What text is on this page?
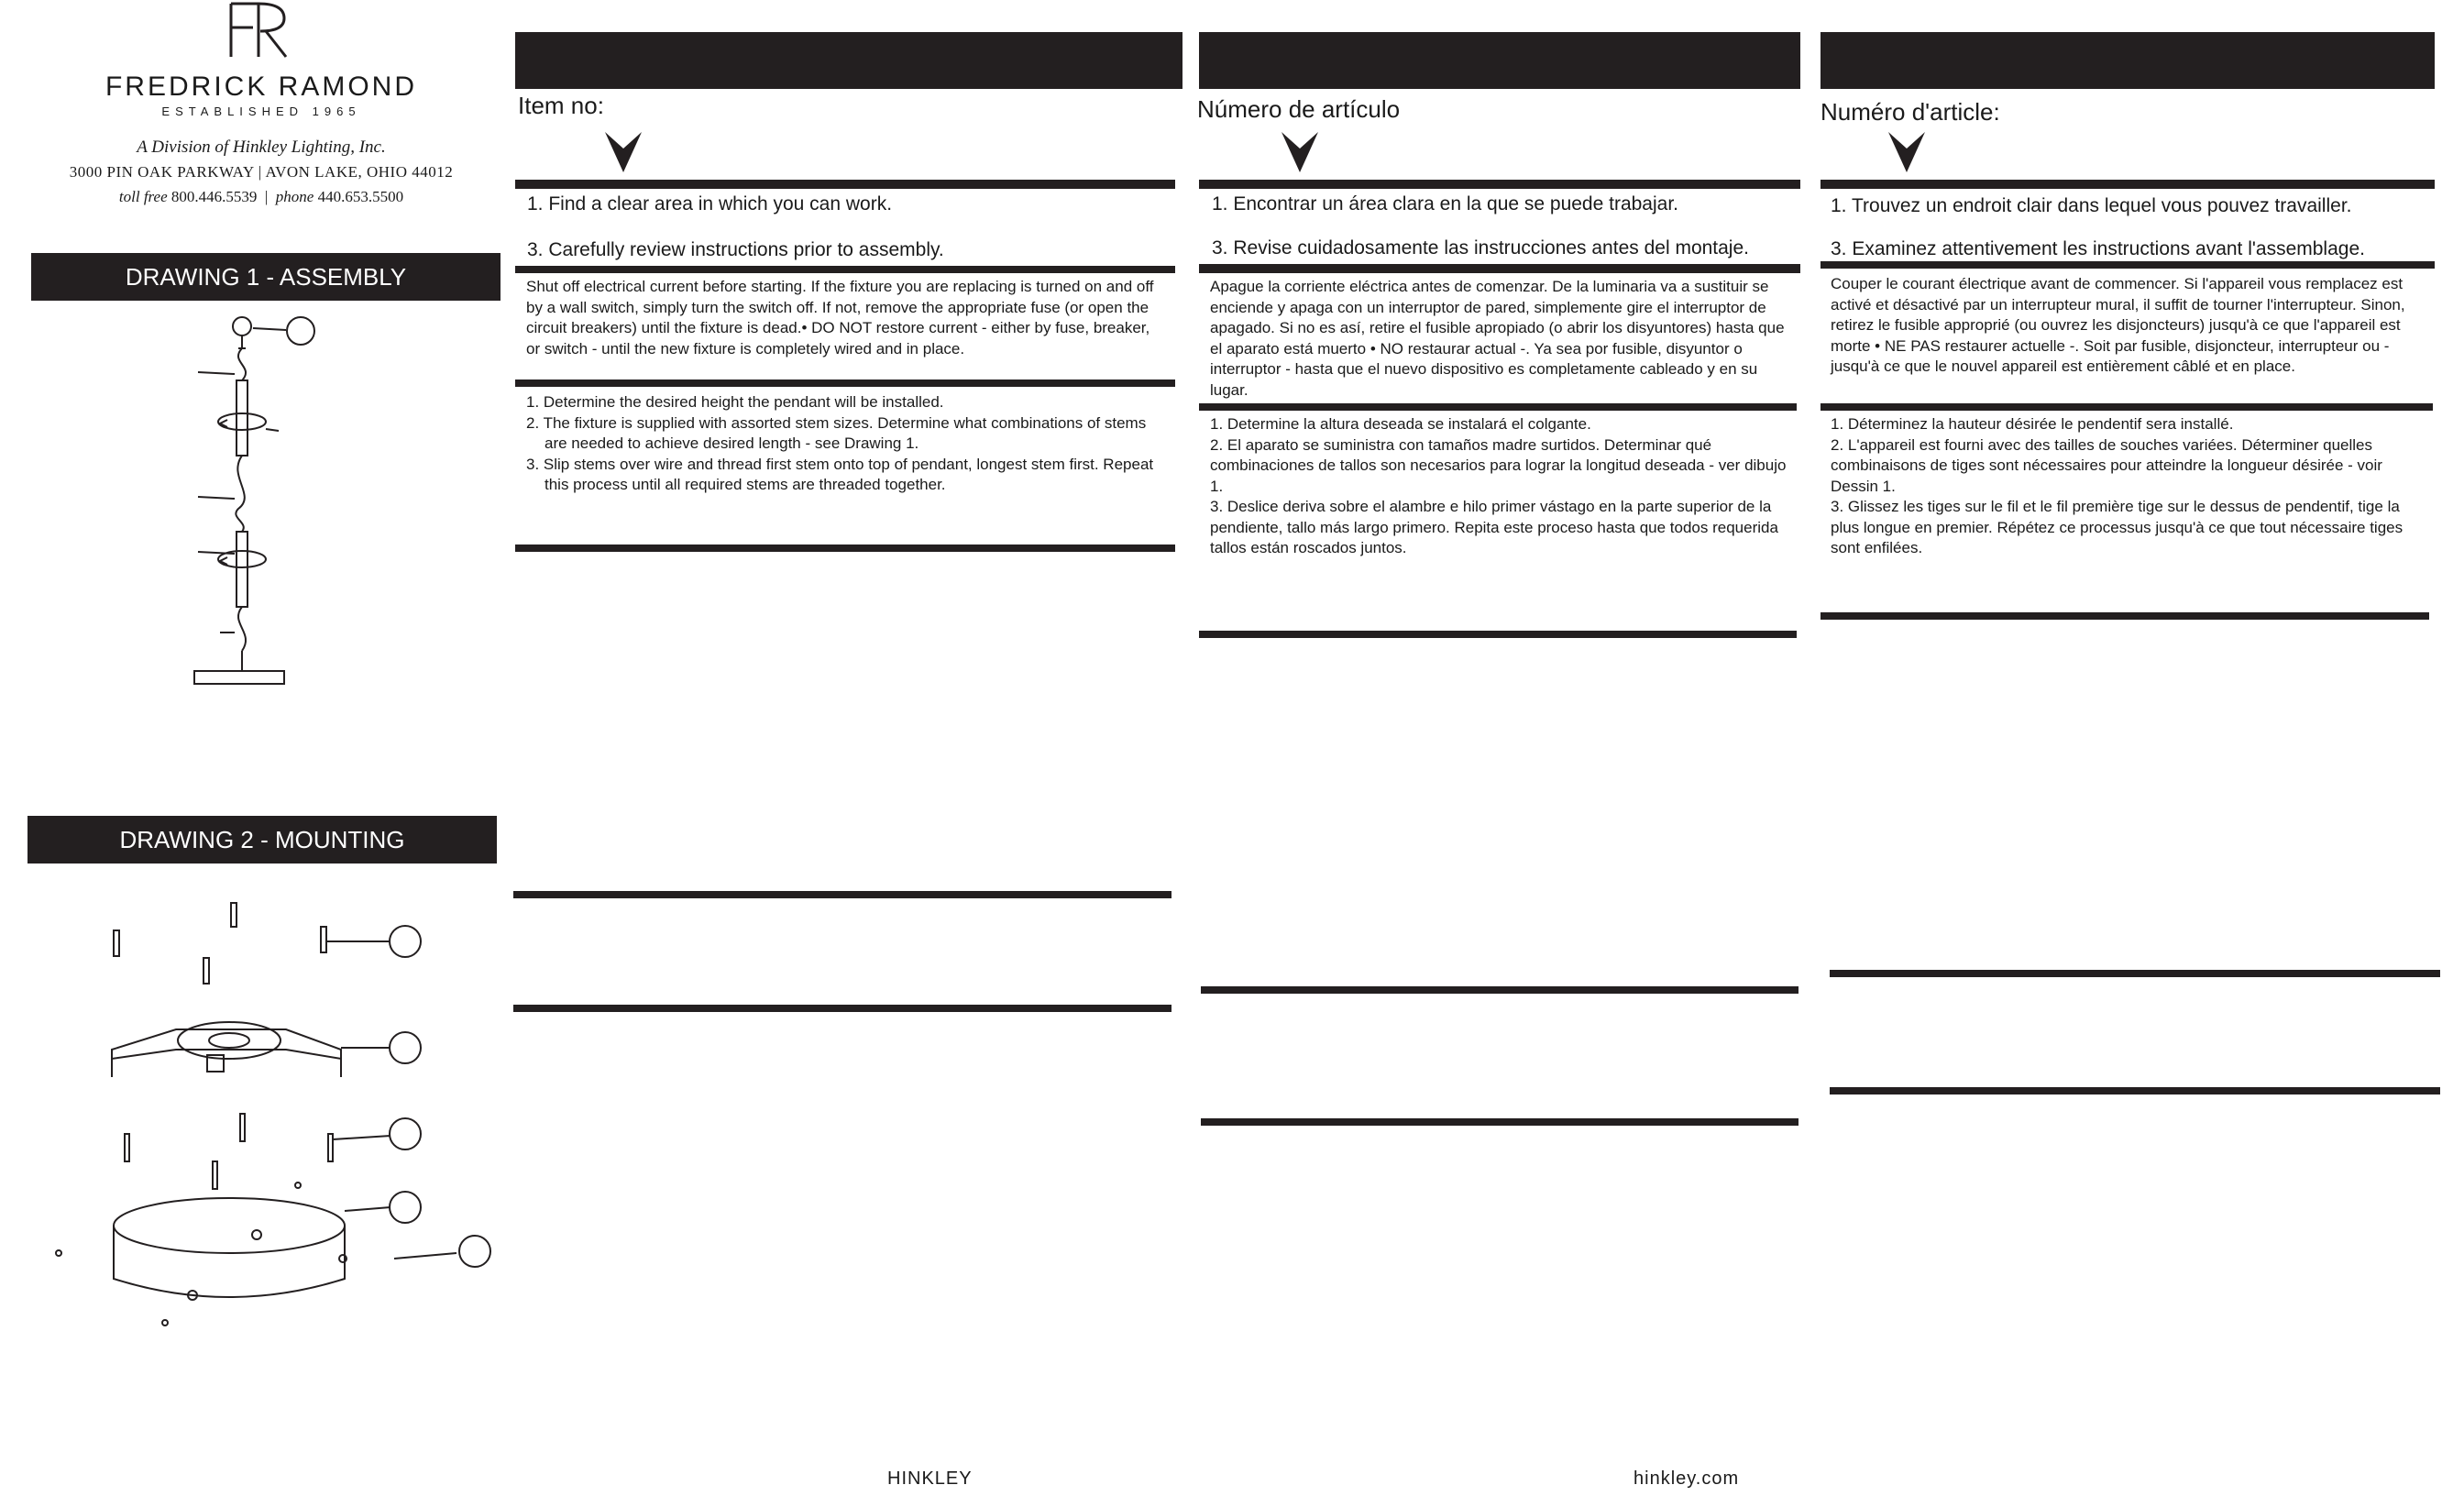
FREDRICK RAMOND
ESTABLISHED 1965
A Division of Hinkley Lighting, Inc.
3000 PIN OAK PARKWAY | AVON LAKE, OHIO 44012
toll free 800.446.5539  |  phone 440.653.5500
DRAWING 1 - ASSEMBLY
DRAWING 2 - MOUNTING
Item no:
1. Find a clear area in which you can work.
3. Carefully review instructions prior to assembly.
Shut off electrical current before starting. If the fixture you are replacing is turned on and off by a wall switch, simply turn the switch off. If not, remove the appropriate fuse (or open the circuit breakers) until the fixture is dead.• DO NOT restore current - either by fuse, breaker, or switch - until the new fixture is completely wired and in place.
1. Determine the desired height the pendant will be installed.
2. The fixture is supplied with assorted stem sizes. Determine what combinations of stems are needed to achieve desired length - see Drawing 1.
3. Slip stems over wire and thread first stem onto top of pendant, longest stem first. Repeat this process until all required stems are threaded together.
Número de artículo
1. Encontrar un área clara en la que se puede trabajar.
3. Revise cuidadosamente las instrucciones antes del montaje.
Apague la corriente eléctrica antes de comenzar. De la luminaria va a sustituir se enciende y apaga con un interruptor de pared, simplemente gire el interruptor de apagado. Si no es así, retire el fusible apropiado (o abrir los disyuntores) hasta que el aparato está muerto • NO restaurar actual -. Ya sea por fusible, disyuntor o interruptor - hasta que el nuevo dispositivo es completamente cableado y en su lugar.
1. Determine la altura deseada se instalará el colgante.
2. El aparato se suministra con tamaños madre surtidos. Determinar qué combinaciones de tallos son necesarios para lograr la longitud deseada - ver dibujo 1.
3. Deslice deriva sobre el alambre e hilo primer vástago en la parte superior de la pendiente, tallo más largo primero. Repita este proceso hasta que todos requerida tallos están roscados juntos.
Numéro d'article:
1. Trouvez un endroit clair dans lequel vous pouvez travailler.
3. Examinez attentivement les instructions avant l'assemblage.
Couper le courant électrique avant de commencer. Si l'appareil vous remplacez est activé et désactivé par un interrupteur mural, il suffit de tourner l'interrupteur. Sinon, retirez le fusible approprié (ou ouvrez les disjoncteurs) jusqu'à ce que l'appareil est morte • NE PAS restaurer actuelle -. Soit par fusible, disjoncteur, interrupteur ou - jusqu'à ce que le nouvel appareil est entièrement câblé et en place.
1. Déterminez la hauteur désirée le pendentif sera installé.
2. L'appareil est fourni avec des tailles de souches variées. Déterminer quelles combinaisons de tiges sont nécessaires pour atteindre la longueur désirée - voir Dessin 1.
3. Glissez les tiges sur le fil et le fil première tige sur le dessus de pendentif, tige la plus longue en premier. Répétez ce processus jusqu'à ce que tout nécessaire tiges sont enfilées.
HINKLEY	hinkley.com
